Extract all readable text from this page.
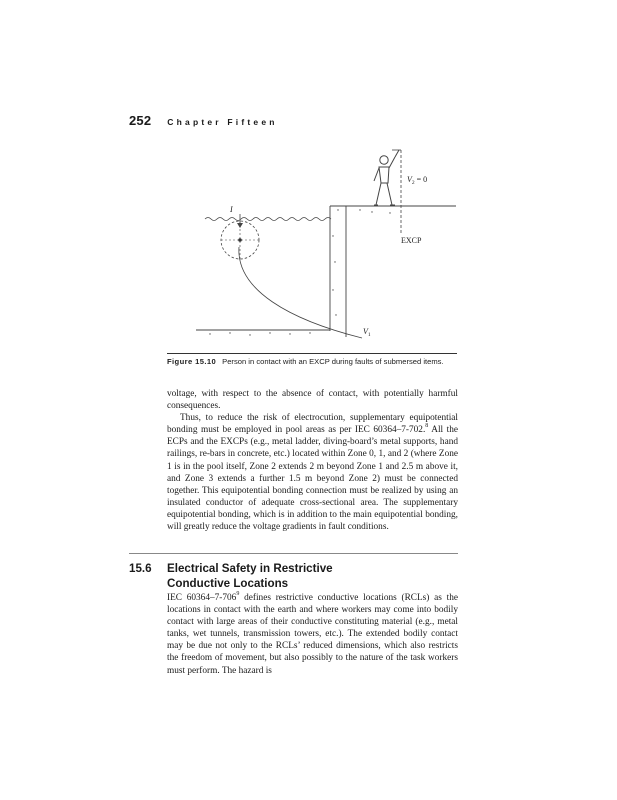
252 Chapter Fifteen
I
$V_2 = 0$
EXCP
$V_1$
Figure 15.10 Person in contact with an EXCP during faults of submersed items.

voltage, with respect to the absence of contact, with potentially harmful consequences.

Thus, to reduce the risk of electrocution, supplementary equipotential bonding must be employed in pool areas as per IEC 60364–7-702.$^8$ All the ECPs and the EXCPs (e.g., metal ladder, diving-board’s metal supports, hand railings, re-bars in concrete, etc.) located within Zone 0, 1, and 2 (where Zone 1 is in the pool itself, Zone 2 extends 2 m beyond Zone 1 and 2.5 m above it, and Zone 3 extends a further 1.5 m beyond Zone 2) must be connected together. This equipotential bonding connection must be realized by using an insulated conductor of adequate cross-sectional area. The supplementary equipotential bonding, which is in addition to the main equipotential bonding, will greatly reduce the voltage gradients in fault conditions.

15.6 Electrical Safety in Restrictive
Conductive Locations

IEC $60364-7-706^9$ defines restrictive conductive locations (RCLs) as the locations in contact with the earth and where workers may come into bodily contact with large areas of their conductive constituting material (e.g., metal tanks, wet tunnels, transmission towers, etc.). The extended bodily contact may be due not only to the RCLs’ reduced dimensions, which also restricts the freedom of movement, but also possibly to the nature of the task workers must perform. The hazard is
